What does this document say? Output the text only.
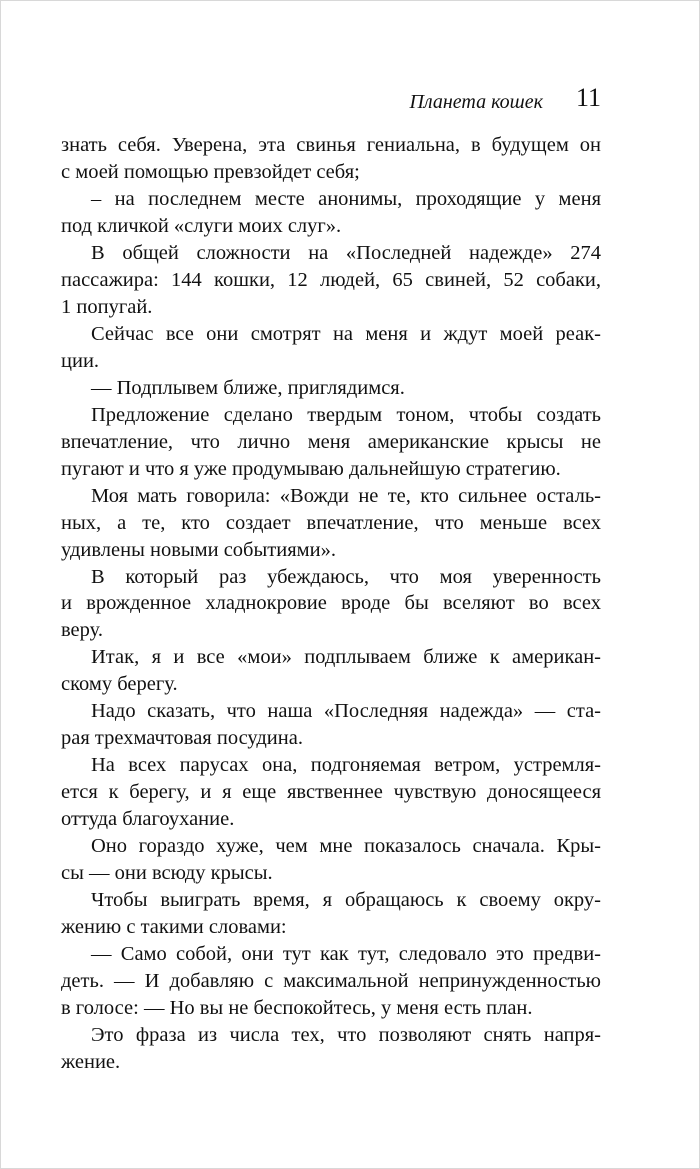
Планета кошек 11
знать себя. Уверена, эта свинья гениальна, в будущем он
с моей помощью превзойдет себя;
– на последнем месте анонимы, проходящие у меня
под кличкой «слуги моих слуг».
В общей сложности на «Последней надежде» 274
пассажира: 144 кошки, 12 людей, 65 свиней, 52 собаки,
1 попугай.
Сейчас все они смотрят на меня и ждут моей реак-
ции.
— Подплывем ближе, приглядимся.
Предложение сделано твердым тоном, чтобы создать
впечатление, что лично меня американские крысы не
пугают и что я уже продумываю дальнейшую стратегию.
Моя мать говорила: «Вожди не те, кто сильнее осталь-
ных, а те, кто создает впечатление, что меньше всех
удивлены новыми событиями».
В который раз убеждаюсь, что моя уверенность
и врожденное хладнокровие вроде бы вселяют во всех
веру.
Итак, я и все «мои» подплываем ближе к американ-
скому берегу.
Надо сказать, что наша «Последняя надежда» — ста-
рая трехмачтовая посудина.
На всех парусах она, подгоняемая ветром, устремля-
ется к берегу, и я еще явственнее чувствую доносящееся
оттуда благоухание.
Оно гораздо хуже, чем мне показалось сначала. Кры-
сы — они всюду крысы.
Чтобы выиграть время, я обращаюсь к своему окру-
жению с такими словами:
— Само собой, они тут как тут, следовало это предви-
деть. — И добавляю с максимальной непринужденностью
в голосе: — Но вы не беспокойтесь, у меня есть план.
Это фраза из числа тех, что позволяют снять напря-
жение.
